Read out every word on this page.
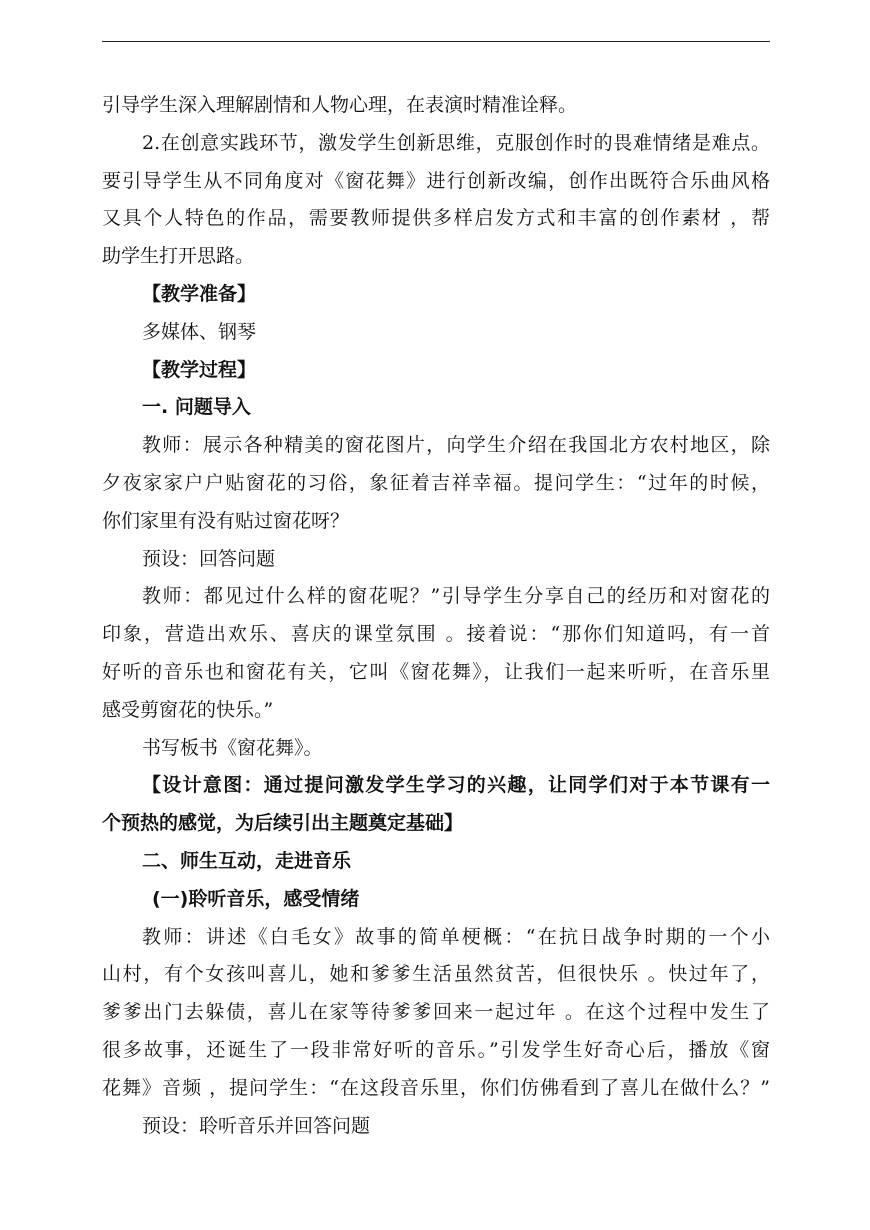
引导学生深入理解剧情和人物心理，在表演时精准诠释。

2.在创意实践环节，激发学生创新思维，克服创作时的畏难情绪是难点。

要引导学生从不同角度对《窗花舞》进行创新改编，创作出既符合乐曲风格

又具个人特色的作品，需要教师提供多样启发方式和丰富的创作素材 ，帮

助学生打开思路。

【教学准备】

多媒体、钢琴

【教学过程】

一. 问题导入

教师：展示各种精美的窗花图片，向学生介绍在我国北方农村地区，除

夕夜家家户户贴窗花的习俗，象征着吉祥幸福。提问学生：“过年的时候，

你们家里有没有贴过窗花呀？

预设：回答问题

教师：都见过什么样的窗花呢？”引导学生分享自己的经历和对窗花的

印象，营造出欢乐、喜庆的课堂氛围 。接着说：“那你们知道吗，有一首

好听的音乐也和窗花有关，它叫《窗花舞》，让我们一起来听听，在音乐里

感受剪窗花的快乐。”

书写板书《窗花舞》。

【设计意图：通过提问激发学生学习的兴趣，让同学们对于本节课有一

个预热的感觉，为后续引出主题奠定基础】

二、师生互动，走进音乐

(一)聆听音乐，感受情绪

教师：讲述《白毛女》故事的简单梗概：“在抗日战争时期的一个小

山村，有个女孩叫喜儿，她和爹爹生活虽然贫苦，但很快乐 。快过年了，

爹爹出门去躲债，喜儿在家等待爹爹回来一起过年 。在这个过程中发生了

很多故事，还诞生了一段非常好听的音乐。”引发学生好奇心后，播放《窗

花舞》音频 ，提问学生：“在这段音乐里，你们仿佛看到了喜儿在做什么？”

预设：聆听音乐并回答问题
